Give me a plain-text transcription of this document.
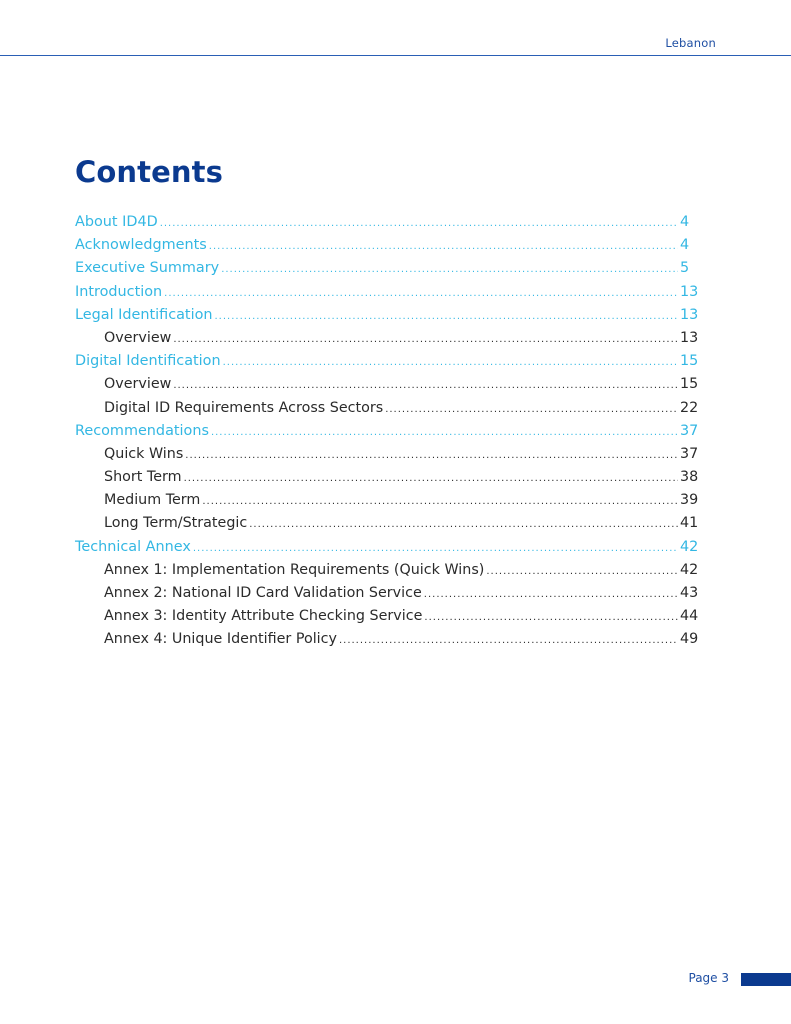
Lebanon
Contents
About ID4D .....	4
Acknowledgments .....	4
Executive Summary .....	5
Introduction .....	13
Legal Identification .....	13
Overview .....	13
Digital Identification .....	15
Overview .....	15
Digital ID Requirements Across Sectors .....	22
Recommendations .....	37
Quick Wins .....	37
Short Term .....	38
Medium Term .....	39
Long Term/Strategic .....	41
Technical Annex .....	42
Annex 1: Implementation Requirements (Quick Wins) .....	42
Annex 2: National ID Card Validation Service .....	43
Annex 3: Identity Attribute Checking Service .....	44
Annex 4: Unique Identifier Policy .....	49
Page 3
